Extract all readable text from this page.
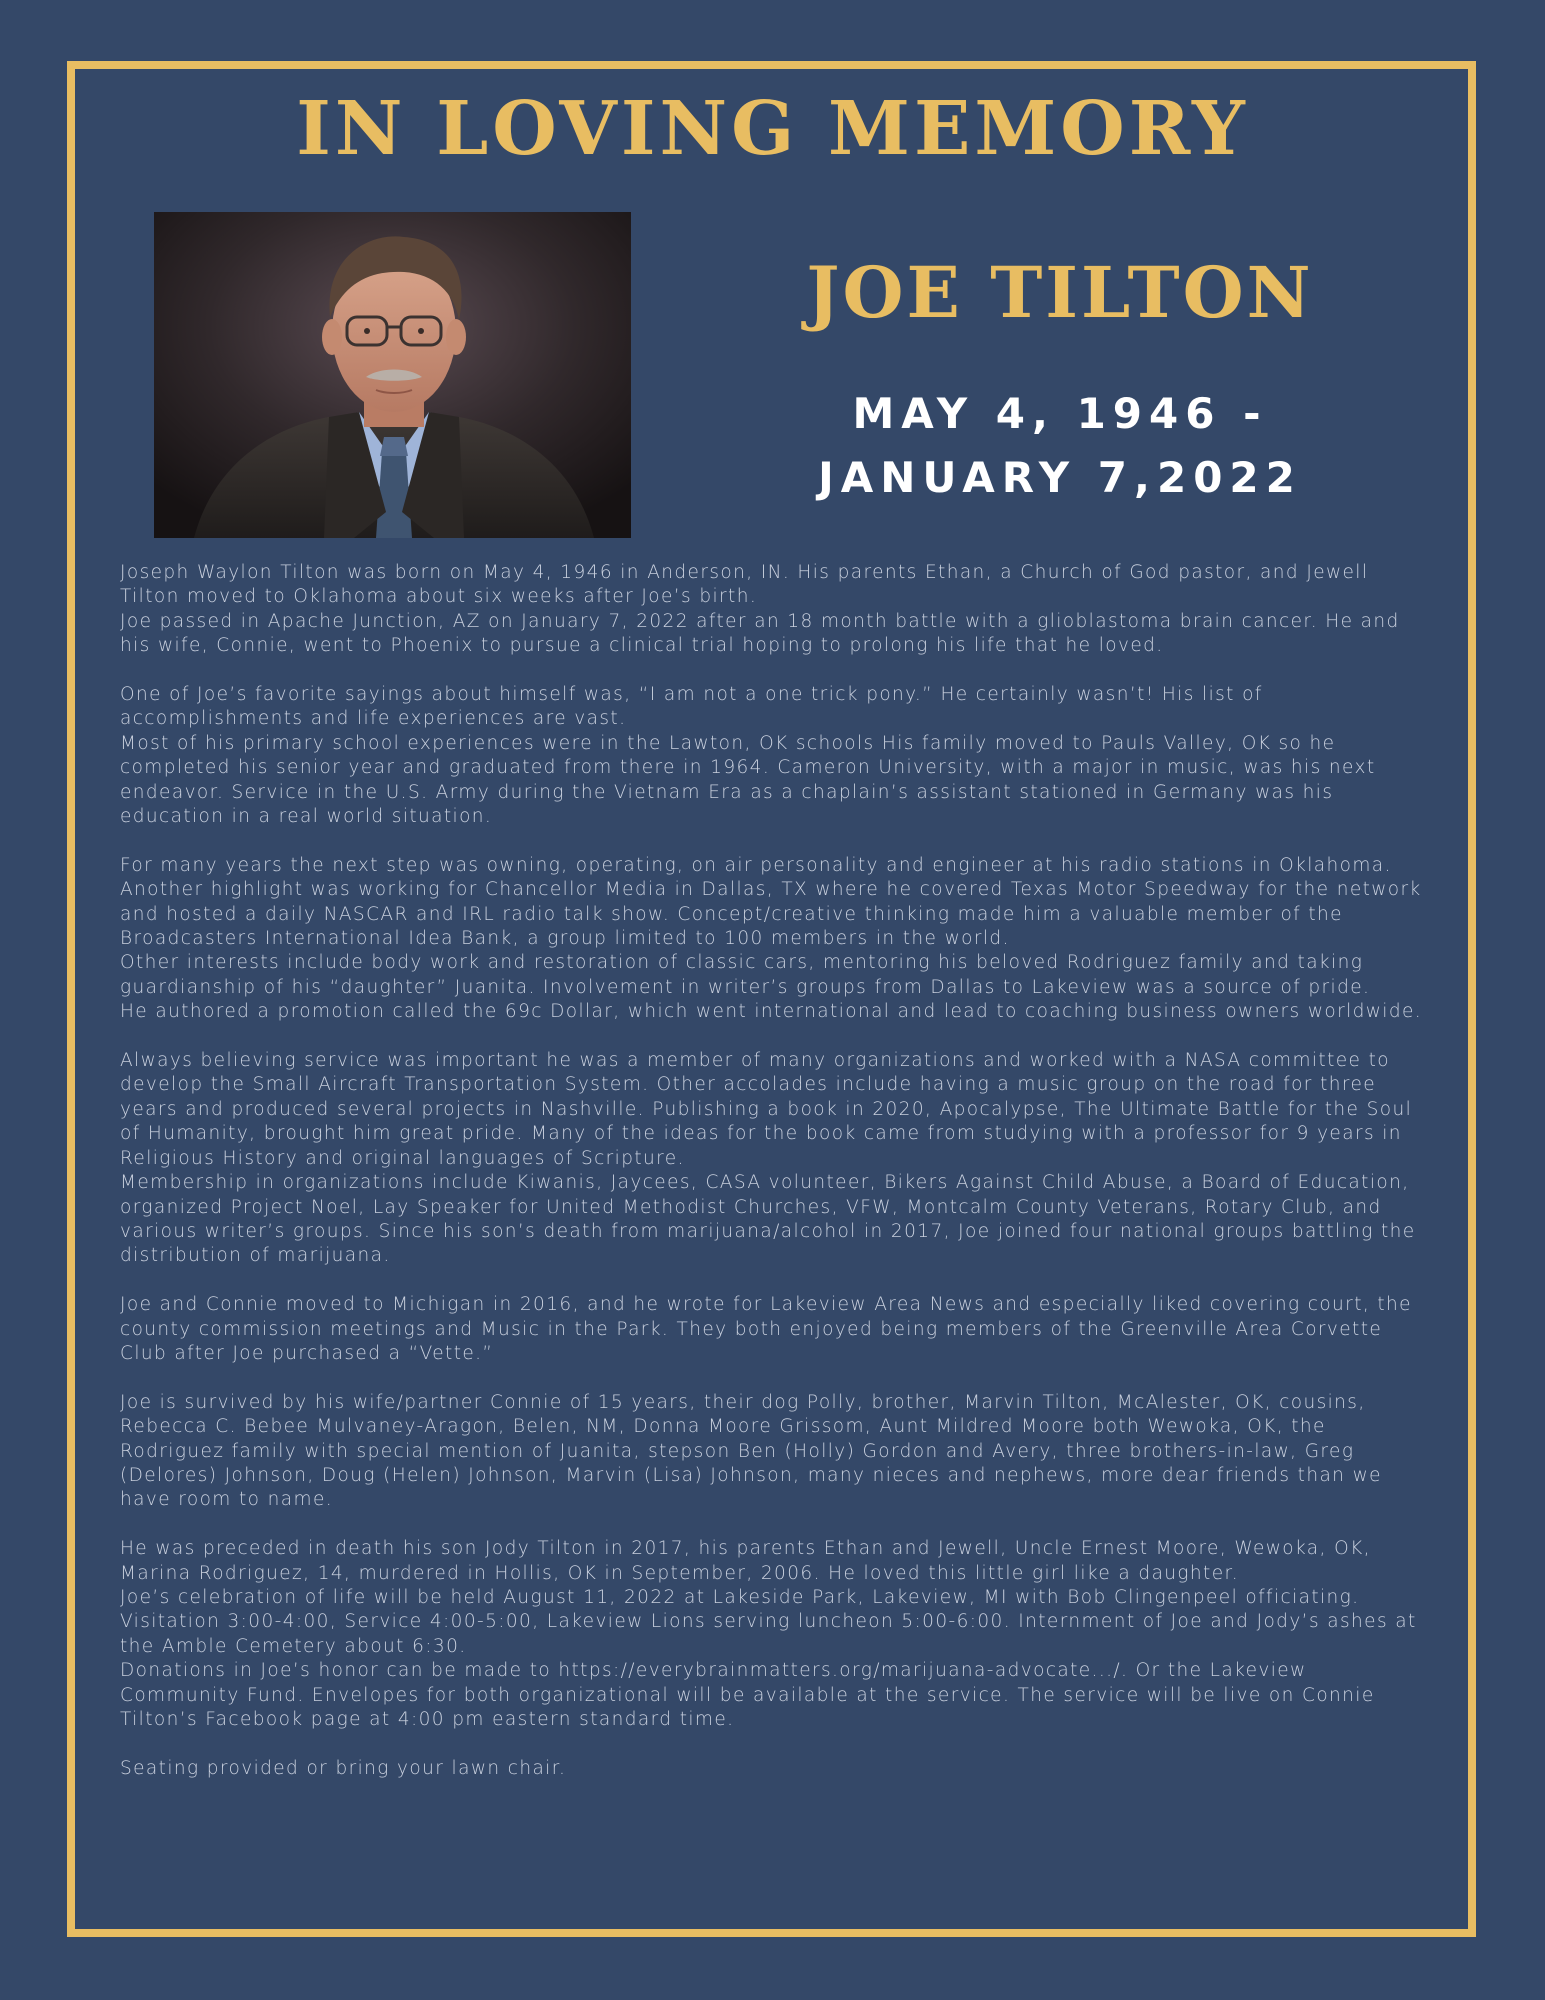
IN LOVING MEMORY
JOE TILTON
MAY 4, 1946 -
JANUARY 7,2022

Joseph Waylon Tilton was born on May 4, 1946 in Anderson, IN. His parents Ethan, a Church of God pastor, and Jewell Tilton moved to Oklahoma about six weeks after Joe’s birth.

Joe passed in Apache Junction, AZ on January 7, 2022 after an 18 month battle with a glioblastoma brain cancer. He and his wife, Connie, went to Phoenix to pursue a clinical trial hoping to prolong his life that he loved.

One of Joe’s favorite sayings about himself was, “I am not a one trick pony.” He certainly wasn’t! His list of accomplishments and life experiences are vast.

Most of his primary school experiences were in the Lawton, OK schools His family moved to Pauls Valley, OK so he completed his senior year and graduated from there in 1964. Cameron University, with a major in music, was his next endeavor. Service in the U.S. Army during the Vietnam Era as a chaplain’s assistant stationed in Germany was his education in a real world situation.

For many years the next step was owning, operating, on air personality and engineer at his radio stations in Oklahoma. Another highlight was working for Chancellor Media in Dallas, TX where he covered Texas Motor Speedway for the network and hosted a daily NASCAR and IRL radio talk show. Concept/creative thinking made him a valuable member of the Broadcasters International Idea Bank, a group limited to 100 members in the world.

Other interests include body work and restoration of classic cars, mentoring his beloved Rodriguez family and taking guardianship of his “daughter” Juanita. Involvement in writer’s groups from Dallas to Lakeview was a source of pride.

He authored a promotion called the 69c Dollar, which went international and lead to coaching business owners worldwide.

Always believing service was important he was a member of many organizations and worked with a NASA committee to develop the Small Aircraft Transportation System. Other accolades include having a music group on the road for three years and produced several projects in Nashville. Publishing a book in 2020, Apocalypse, The Ultimate Battle for the Soul of Humanity, brought him great pride. Many of the ideas for the book came from studying with a professor for 9 years in Religious History and original languages of Scripture.

Membership in organizations include Kiwanis, Jaycees, CASA volunteer, Bikers Against Child Abuse, a Board of Education, organized Project Noel, Lay Speaker for United Methodist Churches, VFW, Montcalm County Veterans, Rotary Club, and various writer’s groups. Since his son’s death from marijuana/alcohol in 2017, Joe joined four national groups battling the distribution of marijuana.

Joe and Connie moved to Michigan in 2016, and he wrote for Lakeview Area News and especially liked covering court, the county commission meetings and Music in the Park. They both enjoyed being members of the Greenville Area Corvette Club after Joe purchased a “Vette.”

Joe is survived by his wife/partner Connie of 15 years, their dog Polly, brother, Marvin Tilton, McAlester, OK, cousins, Rebecca C. Bebee Mulvaney-Aragon, Belen, NM, Donna Moore Grissom, Aunt Mildred Moore both Wewoka, OK, the Rodriguez family with special mention of Juanita, stepson Ben (Holly) Gordon and Avery, three brothers-in-law, Greg (Delores) Johnson, Doug (Helen) Johnson, Marvin (Lisa) Johnson, many nieces and nephews, more dear friends than we have room to name.

He was preceded in death his son Jody Tilton in 2017, his parents Ethan and Jewell, Uncle Ernest Moore, Wewoka, OK, Marina Rodriguez, 14, murdered in Hollis, OK in September, 2006. He loved this little girl like a daughter.

Joe’s celebration of life will be held August 11, 2022 at Lakeside Park, Lakeview, MI with Bob Clingenpeel officiating. Visitation 3:00-4:00, Service 4:00-5:00, Lakeview Lions serving luncheon 5:00-6:00. Internment of Joe and Jody’s ashes at the Amble Cemetery about 6:30.

Donations in Joe’s honor can be made to https://everybrainmatters.org/marijuana-advocate.../. Or the Lakeview Community Fund. Envelopes for both organizational will be available at the service. The service will be live on Connie Tilton’s Facebook page at 4:00 pm eastern standard time.

Seating provided or bring your lawn chair.
